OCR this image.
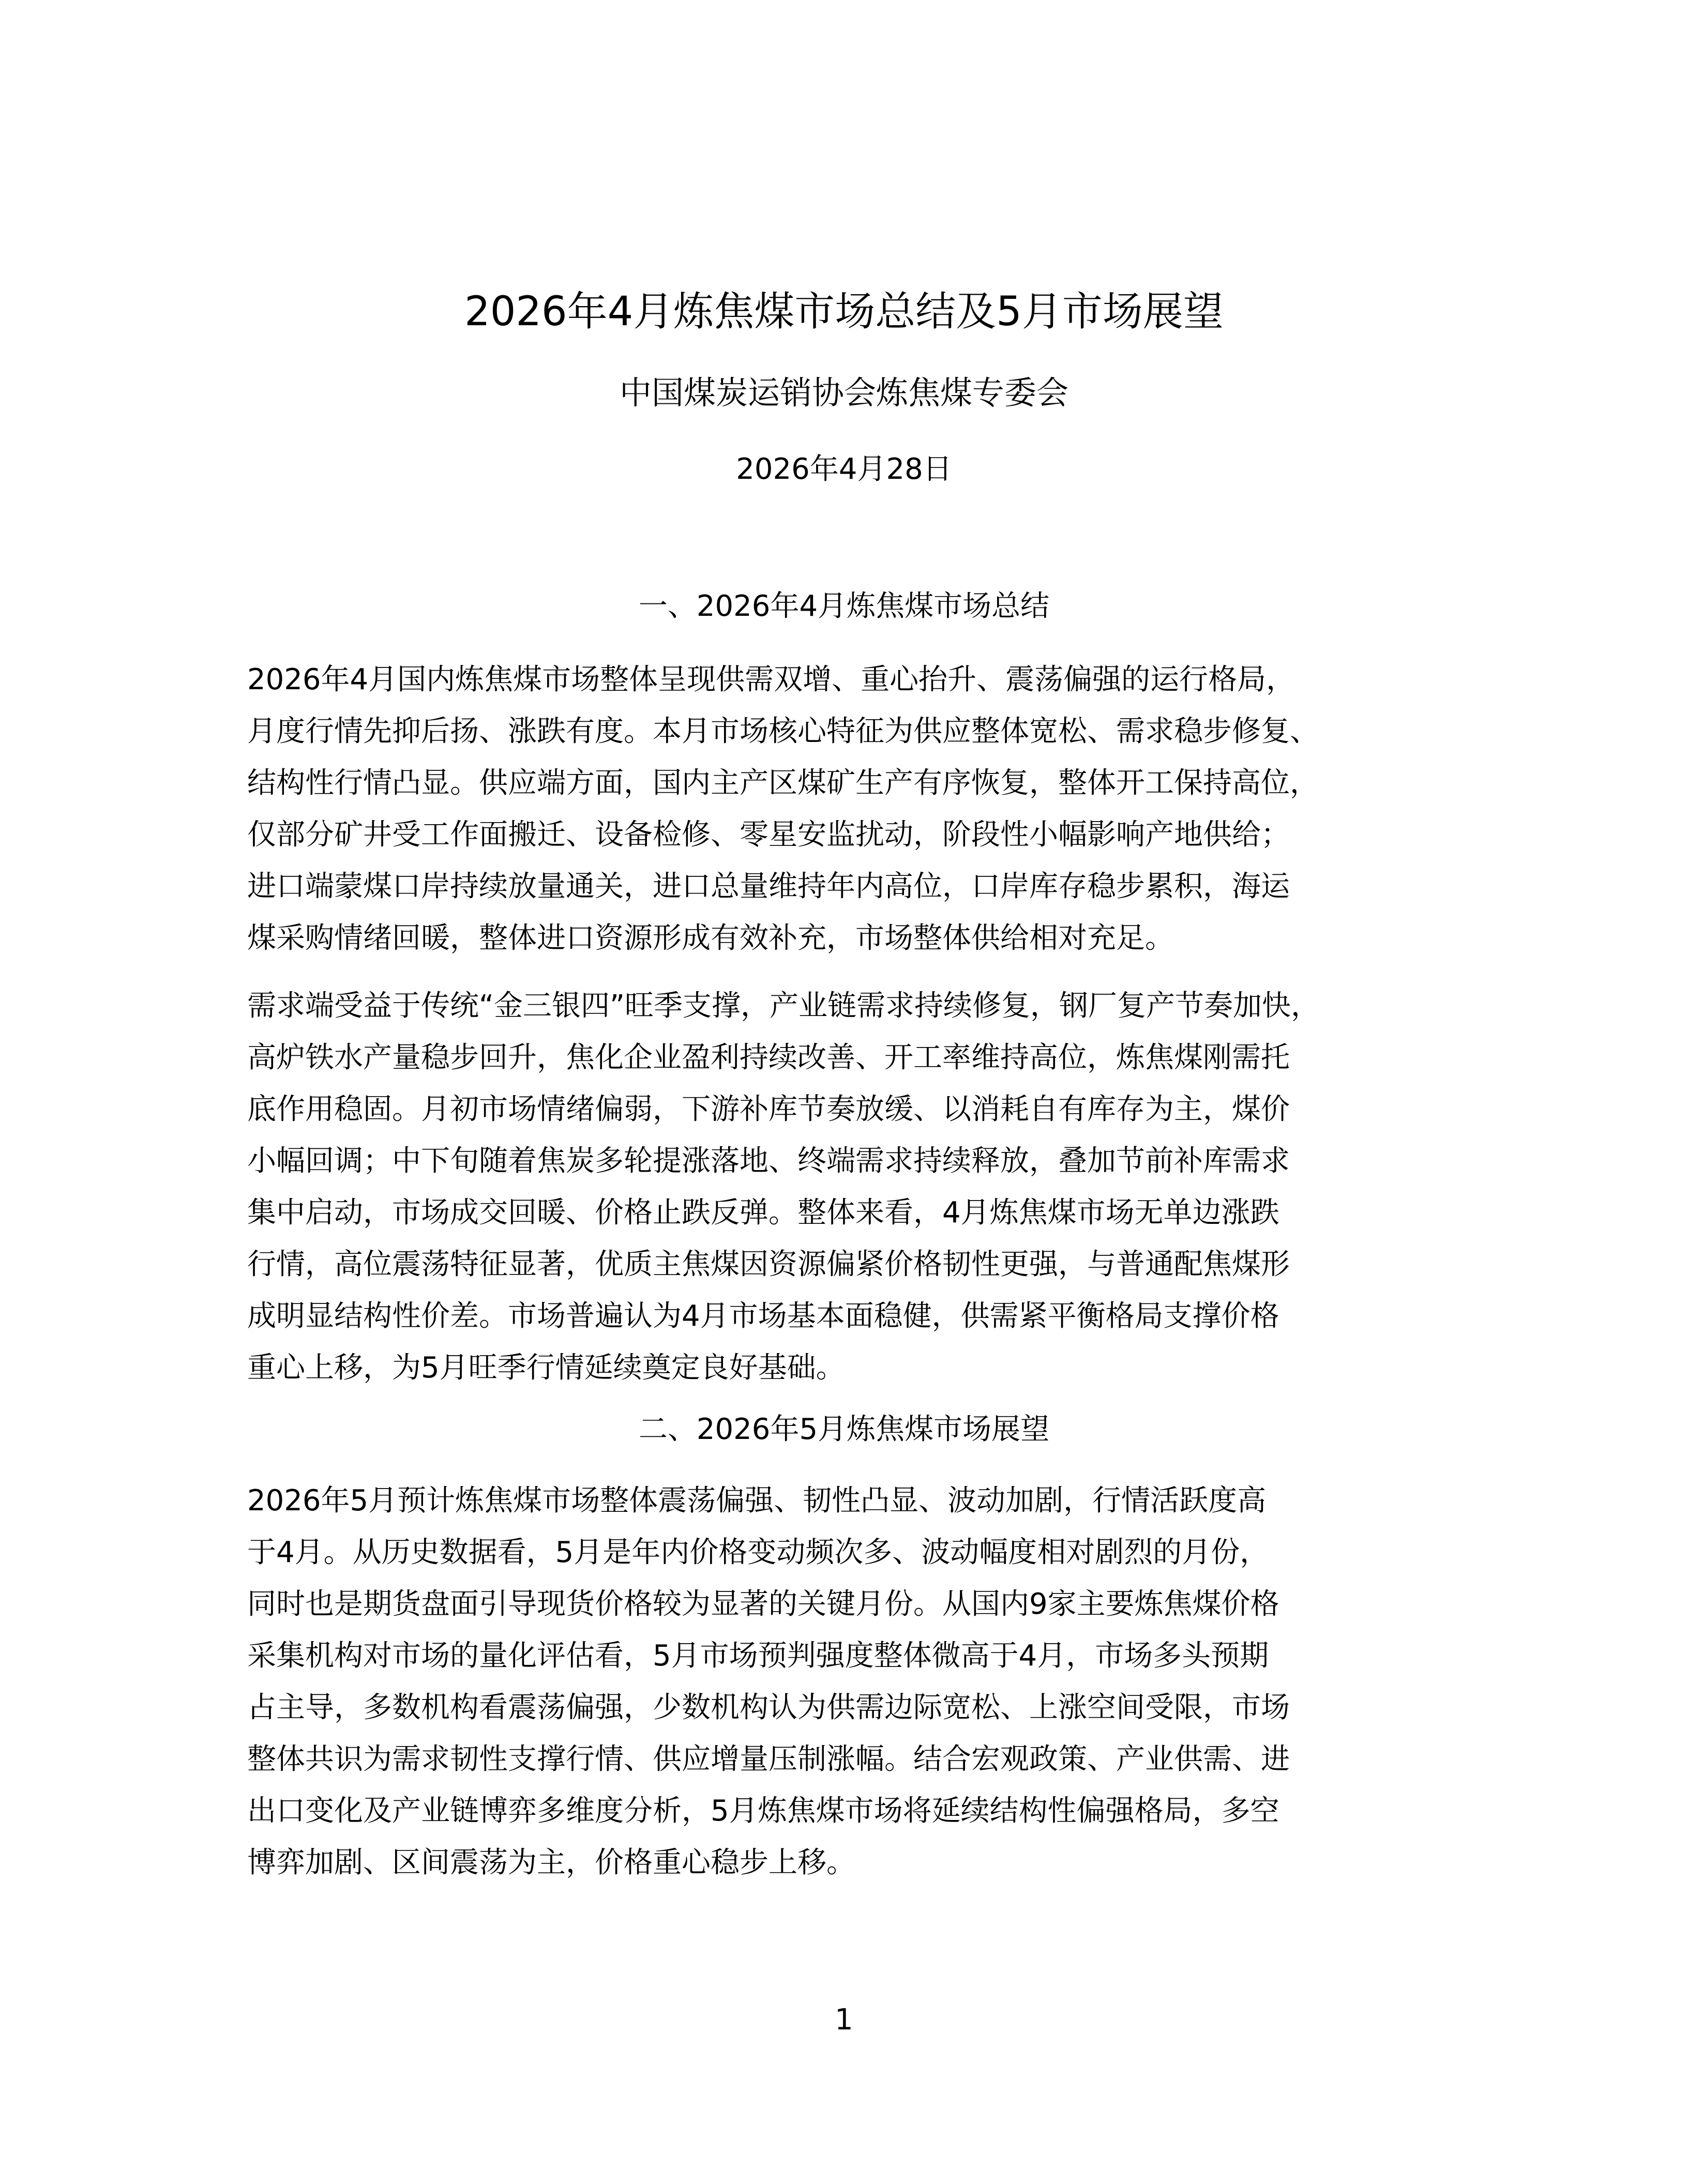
2026年4月炼焦煤市场总结及5月市场展望
中国煤炭运销协会炼焦煤专委会
2026年4月28日
一、2026年4月炼焦煤市场总结
2026年4月国内炼焦煤市场整体呈现供需双增、重心抬升、震荡偏强的运行格局，
月度行情先抑后扬、涨跌有度。本月市场核心特征为供应整体宽松、需求稳步修复、
结构性行情凸显。供应端方面，国内主产区煤矿生产有序恢复，整体开工保持高位，
仅部分矿井受工作面搬迁、设备检修、零星安监扰动，阶段性小幅影响产地供给；
进口端蒙煤口岸持续放量通关，进口总量维持年内高位，口岸库存稳步累积，海运
煤采购情绪回暖，整体进口资源形成有效补充，市场整体供给相对充足。
需求端受益于传统“金三银四”旺季支撑，产业链需求持续修复，钢厂复产节奏加快，
高炉铁水产量稳步回升，焦化企业盈利持续改善、开工率维持高位，炼焦煤刚需托
底作用稳固。月初市场情绪偏弱，下游补库节奏放缓、以消耗自有库存为主，煤价
小幅回调；中下旬随着焦炭多轮提涨落地、终端需求持续释放，叠加节前补库需求
集中启动，市场成交回暖、价格止跌反弹。整体来看，4月炼焦煤市场无单边涨跌
行情，高位震荡特征显著，优质主焦煤因资源偏紧价格韧性更强，与普通配焦煤形
成明显结构性价差。市场普遍认为4月市场基本面稳健，供需紧平衡格局支撑价格
重心上移，为5月旺季行情延续奠定良好基础。
二、2026年5月炼焦煤市场展望
2026年5月预计炼焦煤市场整体震荡偏强、韧性凸显、波动加剧，行情活跃度高
于4月。从历史数据看，5月是年内价格变动频次多、波动幅度相对剧烈的月份，
同时也是期货盘面引导现货价格较为显著的关键月份。从国内9家主要炼焦煤价格
采集机构对市场的量化评估看，5月市场预判强度整体微高于4月，市场多头预期
占主导，多数机构看震荡偏强，少数机构认为供需边际宽松、上涨空间受限，市场
整体共识为需求韧性支撑行情、供应增量压制涨幅。结合宏观政策、产业供需、进
出口变化及产业链博弈多维度分析，5月炼焦煤市场将延续结构性偏强格局，多空
博弈加剧、区间震荡为主，价格重心稳步上移。
1
